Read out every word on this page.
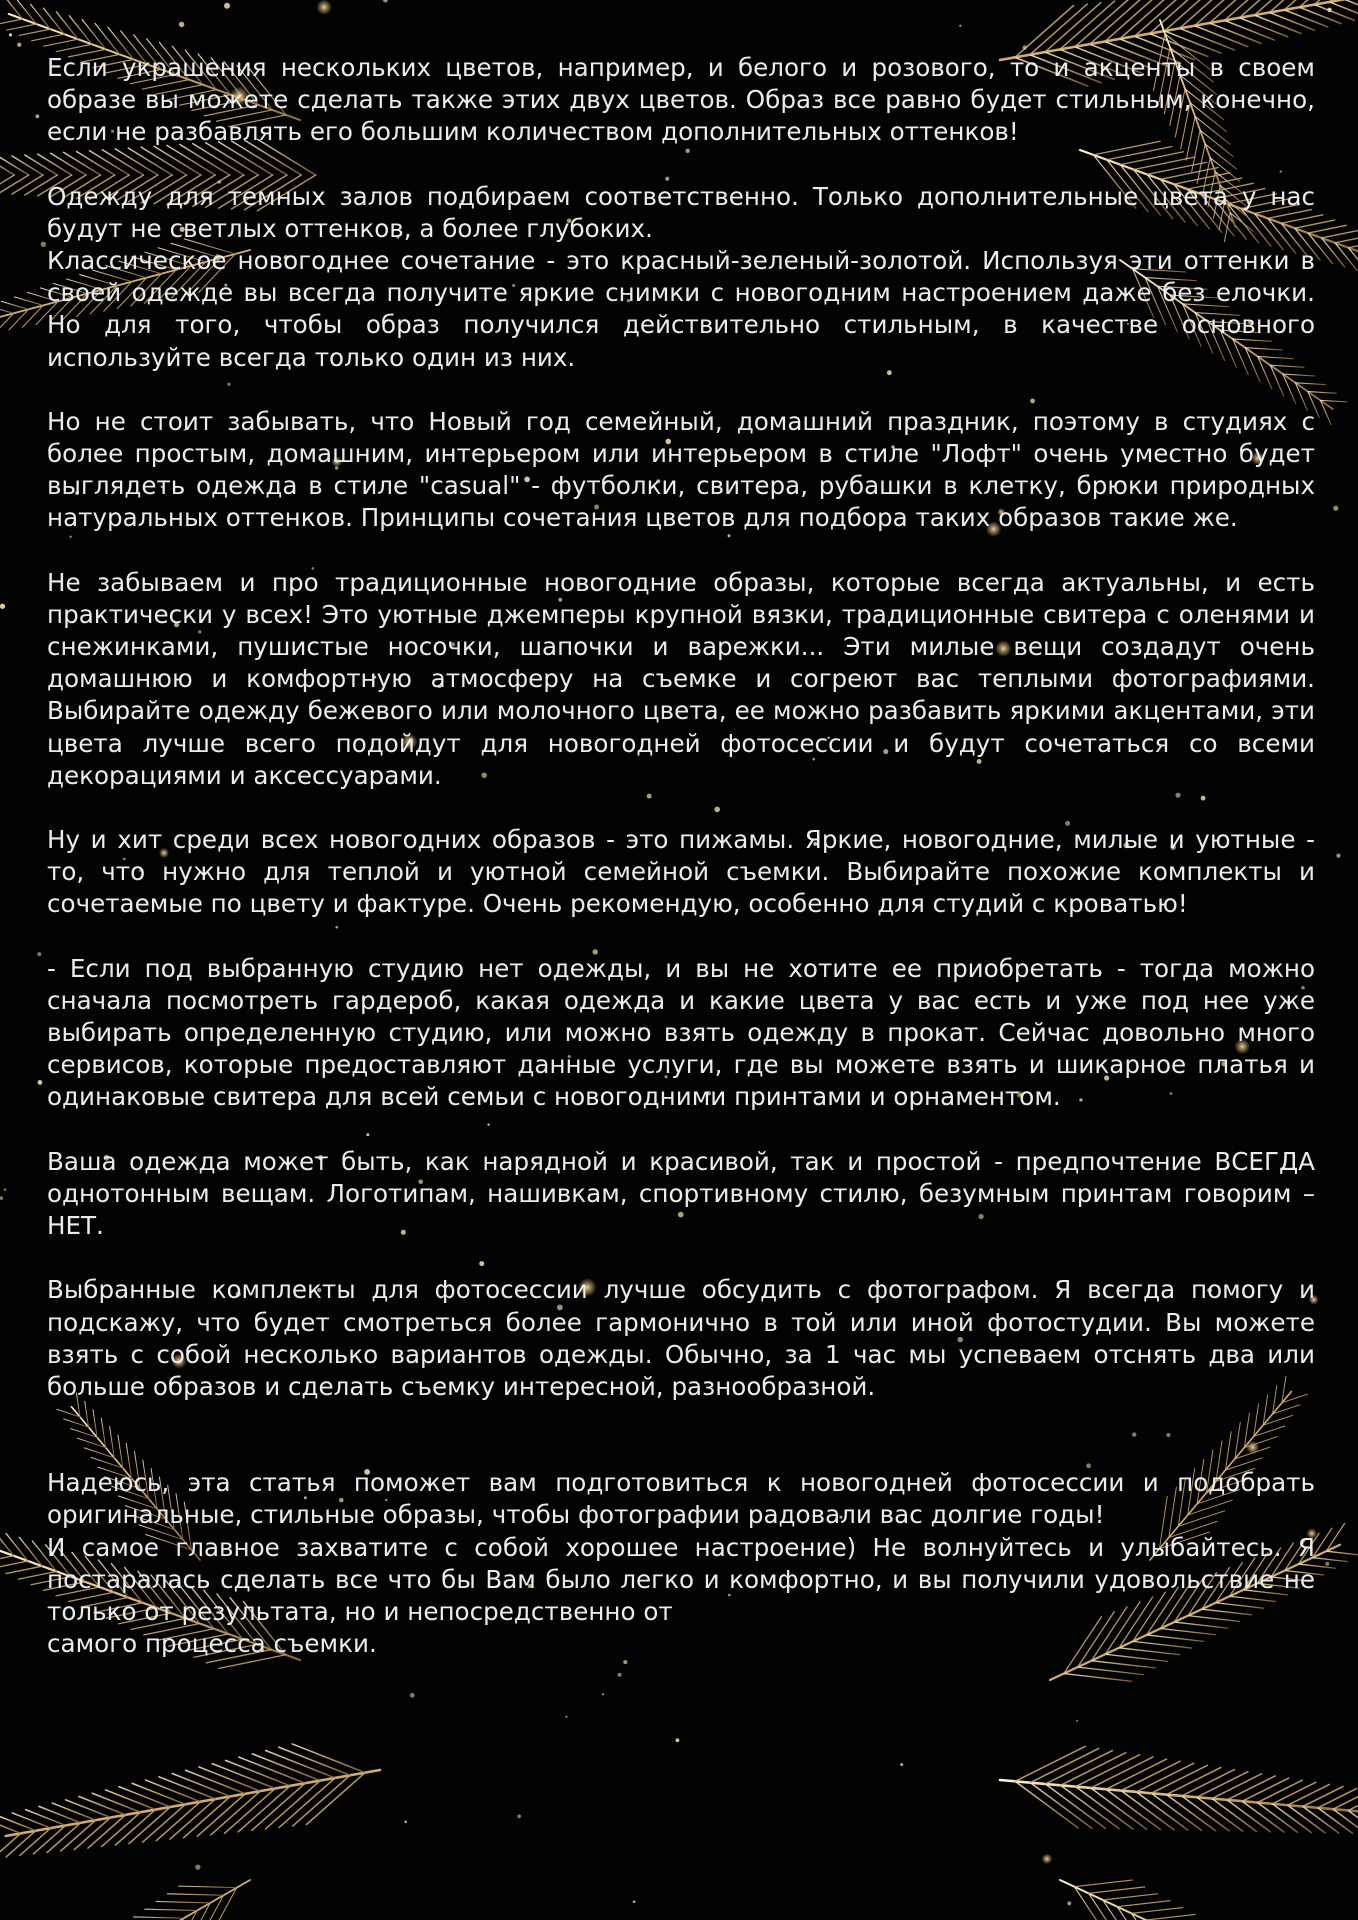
Если украшения нескольких цветов, например, и белого и розового, то и акценты в своем образе вы можете сделать также этих двух цветов. Образ все равно будет стильным, конечно, если не разбавлять его большим количеством дополнительных оттенков!

Одежду для темных залов подбираем соответственно. Только дополнительные цвета у нас будут не светлых оттенков, а более глубоких.

Классическое новогоднее сочетание - это красный-зеленый-золотой. Используя эти оттенки в своей одежде вы всегда получите яркие снимки с новогодним настроением даже без елочки. Но для того, чтобы образ получился действительно стильным, в качестве основного используйте всегда только один из них.

Но не стоит забывать, что Новый год семейный, домашний праздник, поэтому в студиях с более простым, домашним, интерьером или интерьером в стиле "Лофт" очень уместно будет выглядеть одежда в стиле "casual" - футболки, свитера, рубашки в клетку, брюки природных натуральных оттенков. Принципы сочетания цветов для подбора таких образов такие же.

Не забываем и про традиционные новогодние образы, которые всегда актуальны, и есть практически у всех! Это уютные джемперы крупной вязки, традиционные свитера с оленями и снежинками, пушистые носочки, шапочки и варежки... Эти милые вещи создадут очень домашнюю и комфортную атмосферу на съемке и согреют вас теплыми фотографиями. Выбирайте одежду бежевого или молочного цвета, ее можно разбавить яркими акцентами, эти цвета лучше всего подойдут для новогодней фотосессии и будут сочетаться со всеми декорациями и аксессуарами.

Ну и хит среди всех новогодних образов - это пижамы. Яркие, новогодние, милые и уютные - то, что нужно для теплой и уютной семейной съемки. Выбирайте похожие комплекты и сочетаемые по цвету и фактуре. Очень рекомендую, особенно для студий с кроватью!

- Если под выбранную студию нет одежды, и вы не хотите ее приобретать - тогда можно сначала посмотреть гардероб, какая одежда и какие цвета у вас есть и уже под нее уже выбирать определенную студию, или можно взять одежду в прокат. Сейчас довольно много сервисов, которые предоставляют данные услуги, где вы можете взять и шикарное платья и одинаковые свитера для всей семьи с новогодними принтами и орнаментом.

Ваша одежда может быть, как нарядной и красивой, так и простой - предпочтение ВСЕГДА однотонным вещам. Логотипам, нашивкам, спортивному стилю, безумным принтам говорим – НЕТ.

Выбранные комплекты для фотосессии лучше обсудить с фотографом. Я всегда помогу и подскажу, что будет смотреться более гармонично в той или иной фотостудии. Вы можете взять с собой несколько вариантов одежды. Обычно, за 1 час мы успеваем отснять два или больше образов и сделать съемку интересной, разнообразной.

Надеюсь, эта статья поможет вам подготовиться к новогодней фотосессии и подобрать оригинальные, стильные образы, чтобы фотографии радовали вас долгие годы!

И самое главное захватите с собой хорошее настроение) Не волнуйтесь и улыбайтесь. Я постаралась сделать все что бы Вам было легко и комфортно, и вы получили удовольствие не только от результата, но и непосредственно от

самого процесса съемки.
